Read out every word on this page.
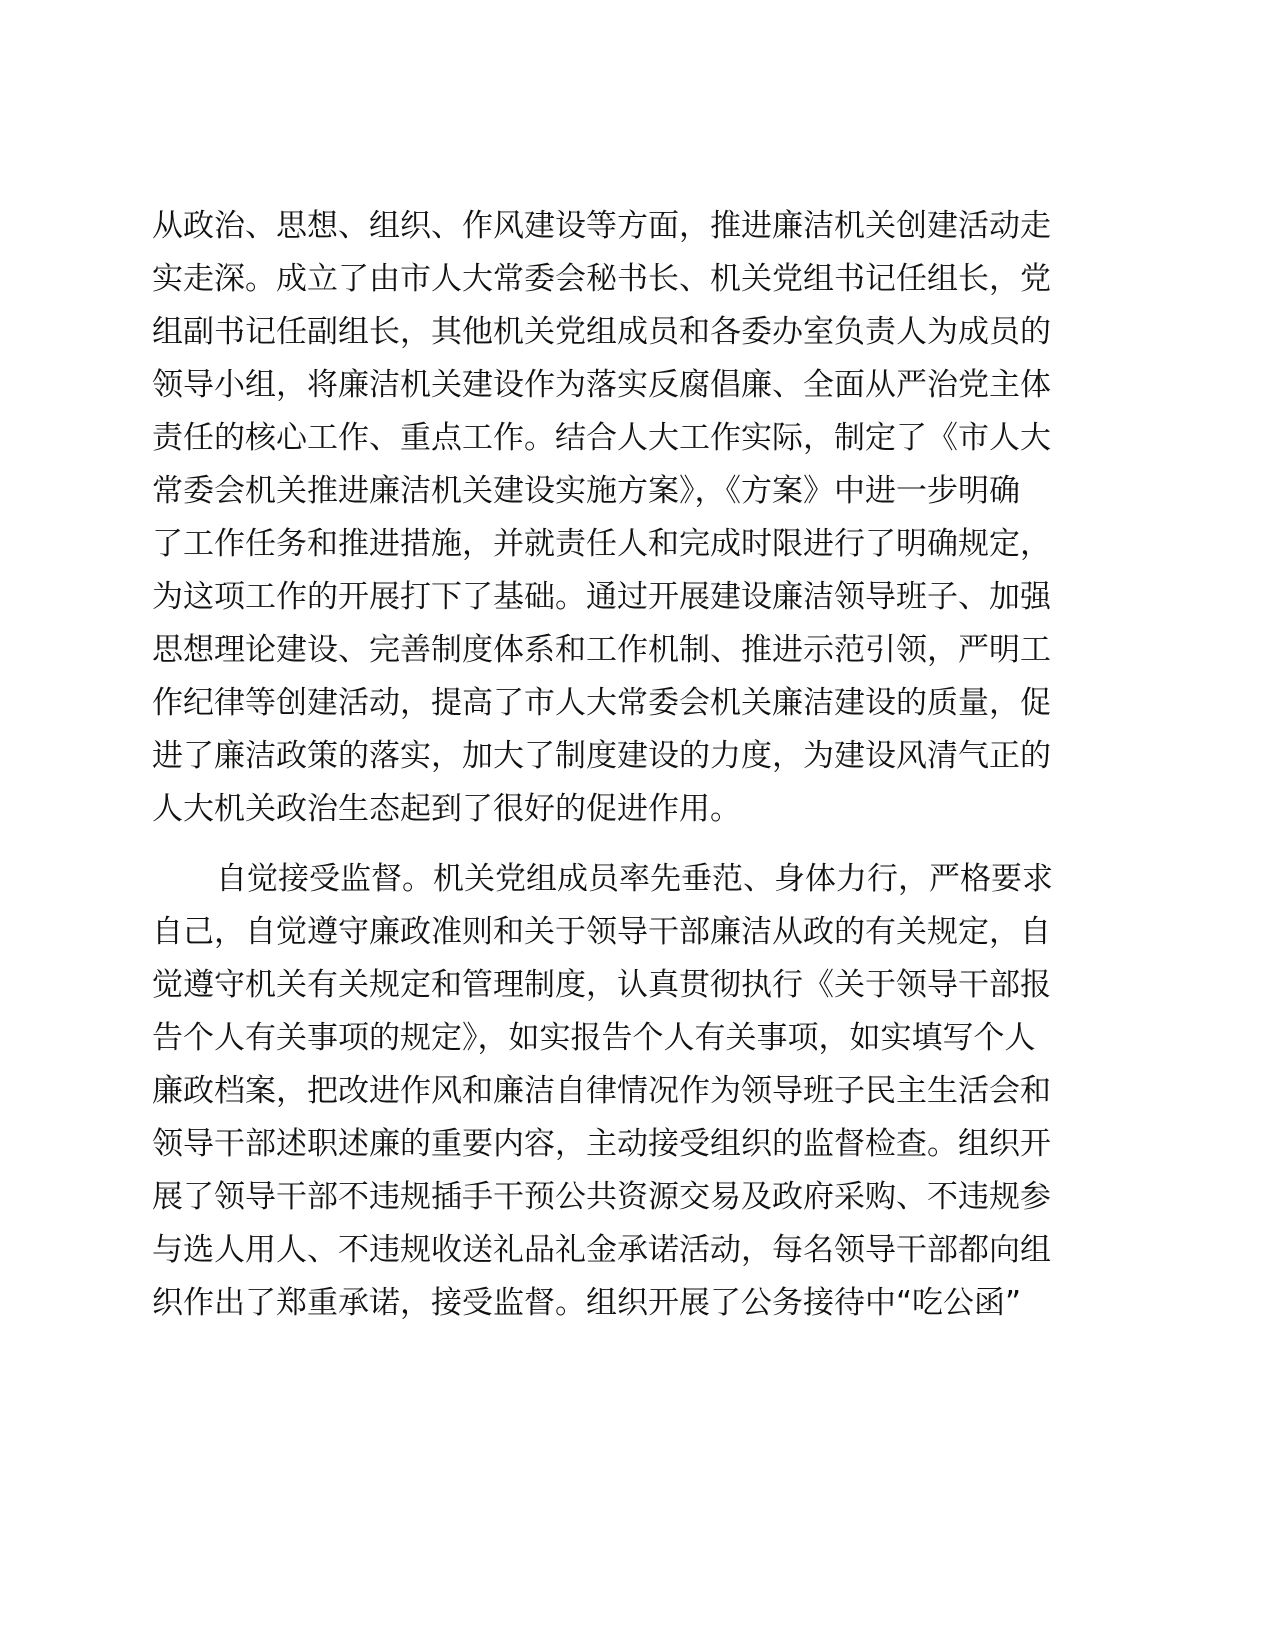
从政治、思想、组织、作风建设等方面，推进廉洁机关创建活动走
实走深。成立了由市人大常委会秘书长、机关党组书记任组长，党
组副书记任副组长，其他机关党组成员和各委办室负责人为成员的
领导小组，将廉洁机关建设作为落实反腐倡廉、全面从严治党主体
责任的核心工作、重点工作。结合人大工作实际，制定了《市人大
常委会机关推进廉洁机关建设实施方案》，《方案》中进一步明确
了工作任务和推进措施，并就责任人和完成时限进行了明确规定，
为这项工作的开展打下了基础。通过开展建设廉洁领导班子、加强
思想理论建设、完善制度体系和工作机制、推进示范引领，严明工
作纪律等创建活动，提高了市人大常委会机关廉洁建设的质量，促
进了廉洁政策的落实，加大了制度建设的力度，为建设风清气正的
人大机关政治生态起到了很好的促进作用。
自觉接受监督。机关党组成员率先垂范、身体力行，严格要求
自己，自觉遵守廉政准则和关于领导干部廉洁从政的有关规定，自
觉遵守机关有关规定和管理制度，认真贯彻执行《关于领导干部报
告个人有关事项的规定》，如实报告个人有关事项，如实填写个人
廉政档案，把改进作风和廉洁自律情况作为领导班子民主生活会和
领导干部述职述廉的重要内容，主动接受组织的监督检查。组织开
展了领导干部不违规插手干预公共资源交易及政府采购、不违规参
与选人用人、不违规收送礼品礼金承诺活动，每名领导干部都向组
织作出了郑重承诺，接受监督。组织开展了公务接待中“吃公函”
